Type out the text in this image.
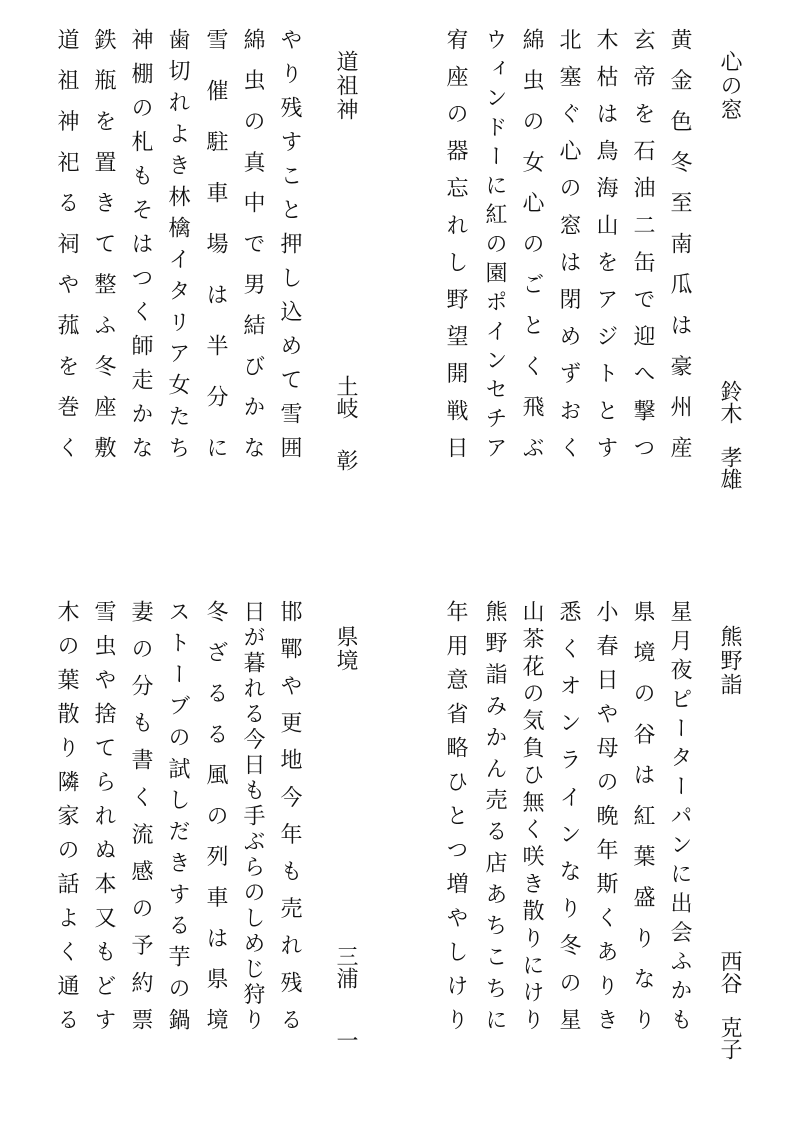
心の窓
鈴木孝雄
黄金色冬至南瓜は豪州産
玄帝を石油二缶で迎へ撃つ
木枯は鳥海山をアジトとす
北塞ぐ心の窓は閉めずおく
綿虫の女心のごとく飛ぶ
ウィンドーに紅の園ポインセチア
宥座の器忘れし野望開戦日
道祖神
土岐彰
やり残すこと押し込めて雪囲
綿虫の真中で男結びかな
雪催駐車場は半分に
歯切れよき林檎イタリア女たち
神棚の札もそはつく師走かな
鉄瓶を置きて整ふ冬座敷
道祖神祀る祠や菰を巻く
熊野詣
西谷克子
星月夜ピーターパンに出会ふかも
県境の谷は紅葉盛りなり
小春日や母の晩年斯くありき
悉くオンラインなり冬の星
山茶花の気負ひ無く咲き散りにけり
熊野詣みかん売る店あちこちに
年用意省略ひとつ増やしけり
県境
三浦一
邯鄲や更地今年も売れ残る
日が暮れる今日も手ぶらのしめじ狩り
冬ざるる風の列車は県境
ストーブの試しだきする芋の鍋
妻の分も書く流感の予約票
雪虫や捨てられぬ本又もどす
木の葉散り隣家の話よく通る
